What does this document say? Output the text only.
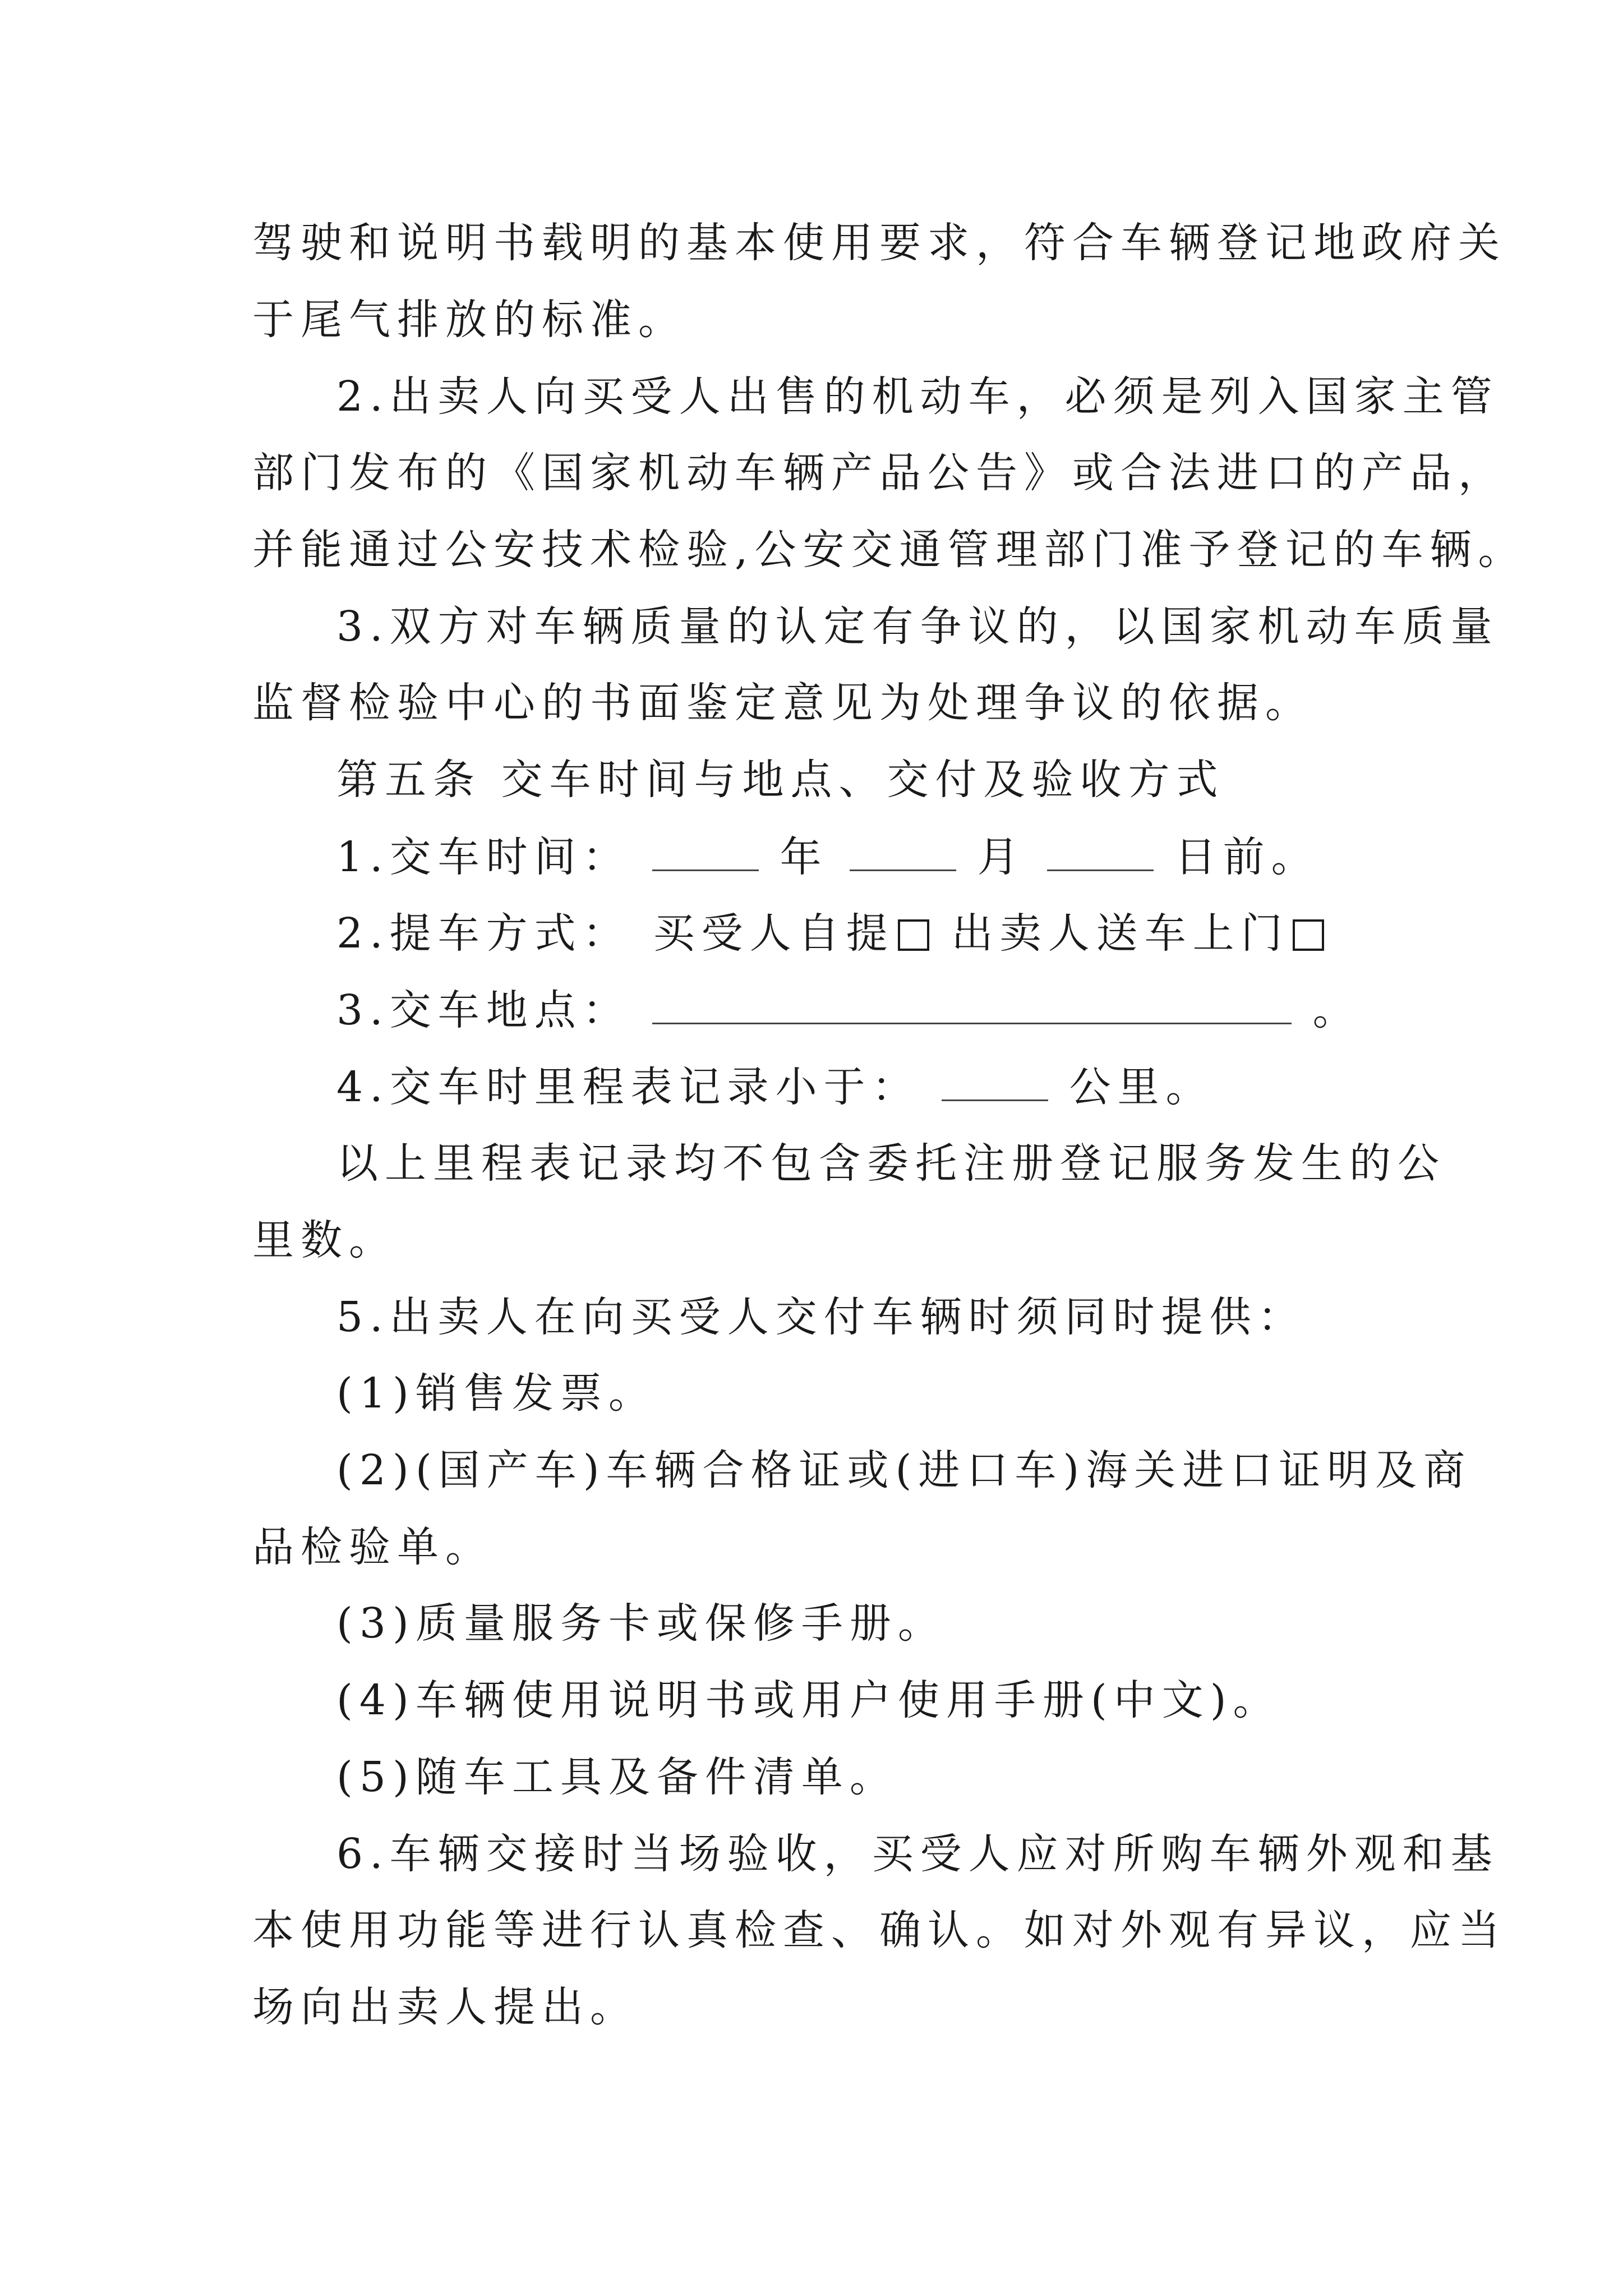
驾驶和说明书载明的基本使用要求，符合车辆登记地政府关
于尾气排放的标准。
2.出卖人向买受人出售的机动车，必须是列入国家主管
部门发布的《国家机动车辆产品公告》或合法进口的产品，
并能通过公安技术检验,公安交通管理部门准予登记的车辆。
3.双方对车辆质量的认定有争议的，以国家机动车质量
监督检验中心的书面鉴定意见为处理争议的依据。
第五条 交车时间与地点、交付及验收方式
1.交车时间：	年	月	日前。
2.提车方式： 买受人自提 出卖人送车上门
3.交车地点：	。
4.交车时里程表记录小于：	公里。
以上里程表记录均不包含委托注册登记服务发生的公
里数。
5.出卖人在向买受人交付车辆时须同时提供：
(1)销售发票。
(2)(国产车)车辆合格证或(进口车)海关进口证明及商
品检验单。
(3)质量服务卡或保修手册。
(4)车辆使用说明书或用户使用手册(中文)。
(5)随车工具及备件清单。
6.车辆交接时当场验收，买受人应对所购车辆外观和基
本使用功能等进行认真检查、确认。如对外观有异议，应当
场向出卖人提出。
